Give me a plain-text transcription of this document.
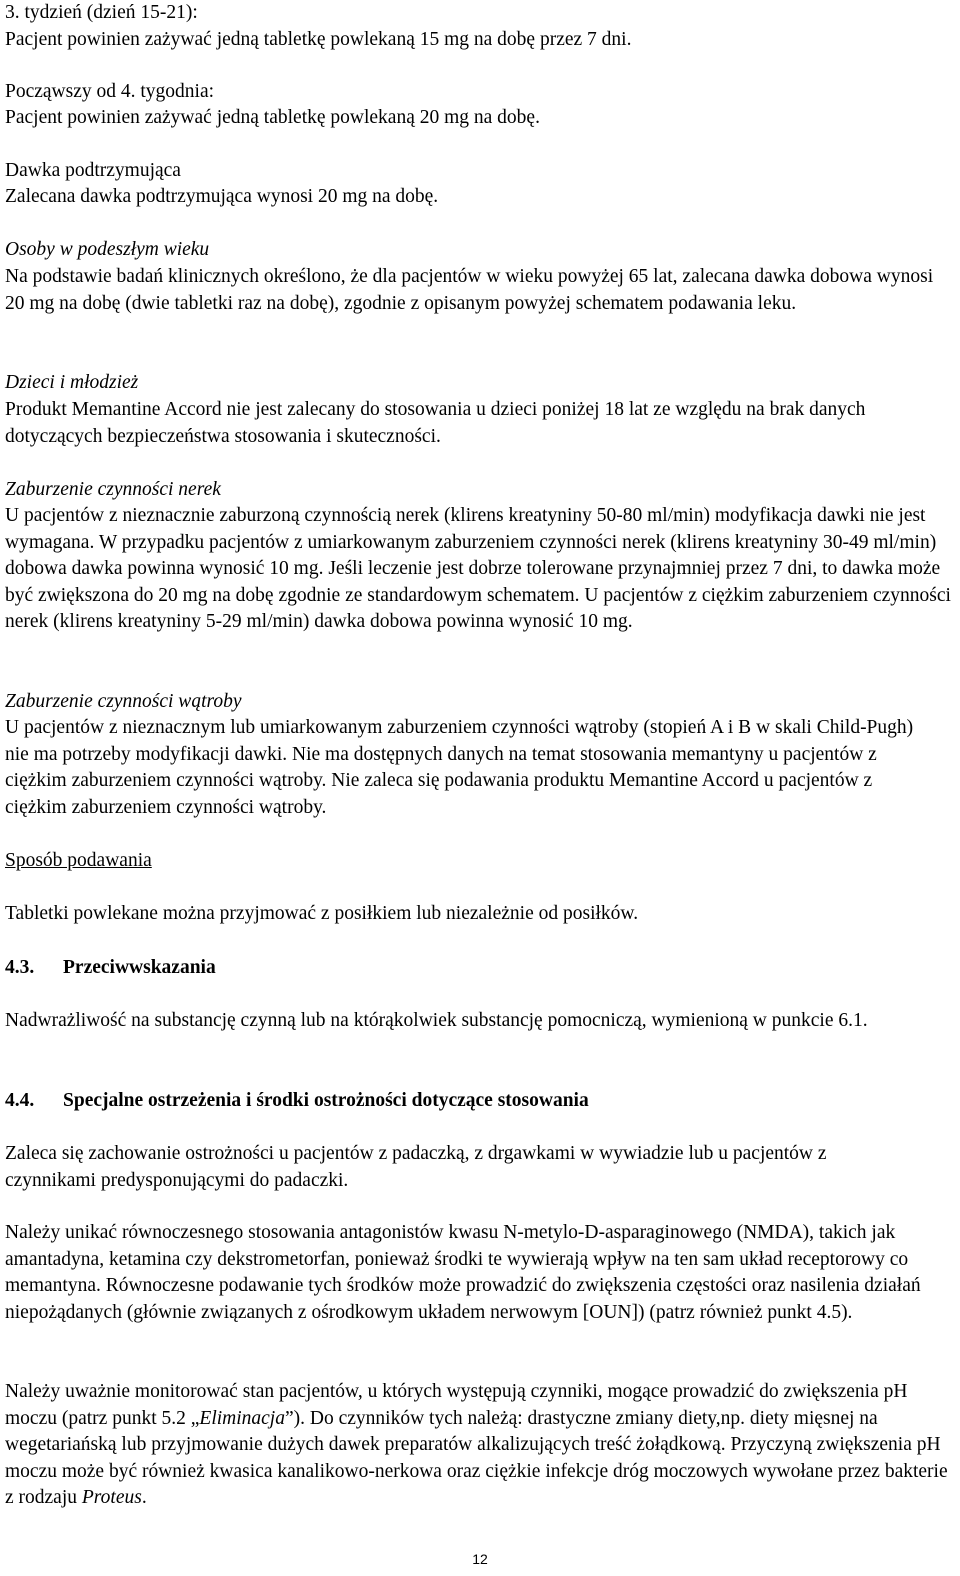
3. tydzień (dzień 15-21):

Pacjent powinien zażywać jedną tabletkę powlekaną 15 mg na dobę przez 7 dni.

Począwszy od 4. tygodnia:

Pacjent powinien zażywać jedną tabletkę powlekaną 20 mg na dobę.

Dawka podtrzymująca

Zalecana dawka podtrzymująca wynosi 20 mg na dobę.

Osoby w podeszłym wieku

Na podstawie badań klinicznych określono, że dla pacjentów w wieku powyżej 65 lat, zalecana dawka dobowa wynosi 20 mg na dobę (dwie tabletki raz na dobę), zgodnie z opisanym powyżej schematem podawania leku.

Dzieci i młodzież

Produkt Memantine Accord nie jest zalecany do stosowania u dzieci poniżej 18 lat ze względu na brak danych dotyczących bezpieczeństwa stosowania i skuteczności.

Zaburzenie czynności nerek

U pacjentów z nieznacznie zaburzoną czynnością nerek (klirens kreatyniny 50-80 ml/min) modyfikacja dawki nie jest wymagana. W przypadku pacjentów z umiarkowanym zaburzeniem czynności nerek (klirens kreatyniny 30-49 ml/min) dobowa dawka powinna wynosić 10 mg. Jeśli leczenie jest dobrze tolerowane przynajmniej przez 7 dni, to dawka może być zwiększona do 20 mg na dobę zgodnie ze standardowym schematem. U pacjentów z ciężkim zaburzeniem czynności nerek (klirens kreatyniny 5-29 ml/min) dawka dobowa powinna wynosić 10 mg.

Zaburzenie czynności wątroby

U pacjentów z nieznacznym lub umiarkowanym zaburzeniem czynności wątroby (stopień A i B w skali Child-Pugh) nie ma potrzeby modyfikacji dawki. Nie ma dostępnych danych na temat stosowania memantyny u pacjentów z ciężkim zaburzeniem czynności wątroby. Nie zaleca się podawania produktu Memantine Accord u pacjentów z ciężkim zaburzeniem czynności wątroby.

Sposób podawania

Tabletki powlekane można przyjmować z posiłkiem lub niezależnie od posiłków.

4.3.	Przeciwwskazania

Nadwrażliwość na substancję czynną lub na którąkolwiek substancję pomocniczą, wymienioną w punkcie 6.1.

4.4.	Specjalne ostrzeżenia i środki ostrożności dotyczące stosowania

Zaleca się zachowanie ostrożności u pacjentów z padaczką, z drgawkami w wywiadzie lub u pacjentów z czynnikami predysponującymi do padaczki.

Należy unikać równoczesnego stosowania antagonistów kwasu N-metylo-D-asparaginowego (NMDA), takich jak amantadyna, ketamina czy dekstrometorfan, ponieważ środki te wywierają wpływ na ten sam układ receptorowy co memantyna. Równoczesne podawanie tych środków może prowadzić do zwiększenia częstości oraz nasilenia działań niepożądanych (głównie związanych z ośrodkowym układem nerwowym [OUN]) (patrz również punkt 4.5).

Należy uważnie monitorować stan pacjentów, u których występują czynniki, mogące prowadzić do zwiększenia pH moczu (patrz punkt 5.2 „Eliminacja”). Do czynników tych należą: drastyczne zmiany diety,np. diety mięsnej na wegetariańską lub przyjmowanie dużych dawek preparatów alkalizujących treść żołądkową. Przyczyną zwiększenia pH moczu może być również kwasica kanalikowo-nerkowa oraz ciężkie infekcje dróg moczowych wywołane przez bakterie z rodzaju Proteus.

12
